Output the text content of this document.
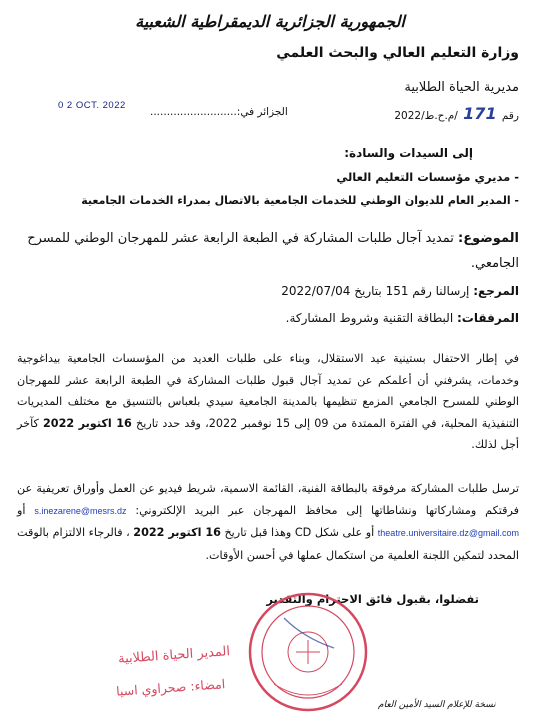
الجمهورية الجزائرية الديمقراطية الشعبية
وزارة التعليم العالي والبحث العلمي
مديرية الحياة الطلابية
رقم 171 /م.ح.ط/2022
الجزائر في:..........................
0 2 OCT. 2022
إلى السيدات والسادة:
- مديري مؤسسات التعليم العالي
- المدير العام للديوان الوطني للخدمات الجامعية بالاتصال بمدراء الخدمات الجامعية
الموضوع: تمديد آجال طلبات المشاركة في الطبعة الرابعة عشر للمهرجان الوطني للمسرح الجامعي.
المرجع: إرسالنا رقم 151 بتاريخ 2022/07/04
المرفقات: البطاقة التقنية وشروط المشاركة.
في إطار الاحتفال بستينية عيد الاستقلال، وبناء على طلبات العديد من المؤسسات الجامعية بيداغوجية وخدمات، يشرفني أن أعلمكم عن تمديد آجال قبول طلبات المشاركة في الطبعة الرابعة عشر للمهرجان الوطني للمسرح الجامعي المزمع تنظيمها بالمدينة الجامعية سيدي بلعباس بالتنسيق مع مختلف المديريات التنفيذية المحلية، في الفترة الممتدة من 09 إلى 15 نوفمبر 2022، وقد حدد تاريخ 16 اكتوبر 2022 كآخر أجل لذلك.
ترسل طلبات المشاركة مرفوقة بالبطاقة الفنية، القائمة الاسمية، شريط فيديو عن العمل وأوراق تعريفية عن فرقتكم ومشاركاتها ونشاطاتها إلى محافظ المهرجان عبر البريد الإلكتروني: s.inezarene@mesrs.dz أو theatre.universitaire.dz@gmail.com أو على شكل CD وهذا قبل تاريخ 16 اكتوبر 2022 ، فالرجاء الالتزام بالوقت المحدد لتمكين اللجنة العلمية من استكمال عملها في أحسن الأوقات.
تفضلوا، بقبول فائق الاحترام والتقدير
المدير الحياة الطلابية
امضاء: صحراوي اسيا
نسخة للإعلام السيد الأمين العام
